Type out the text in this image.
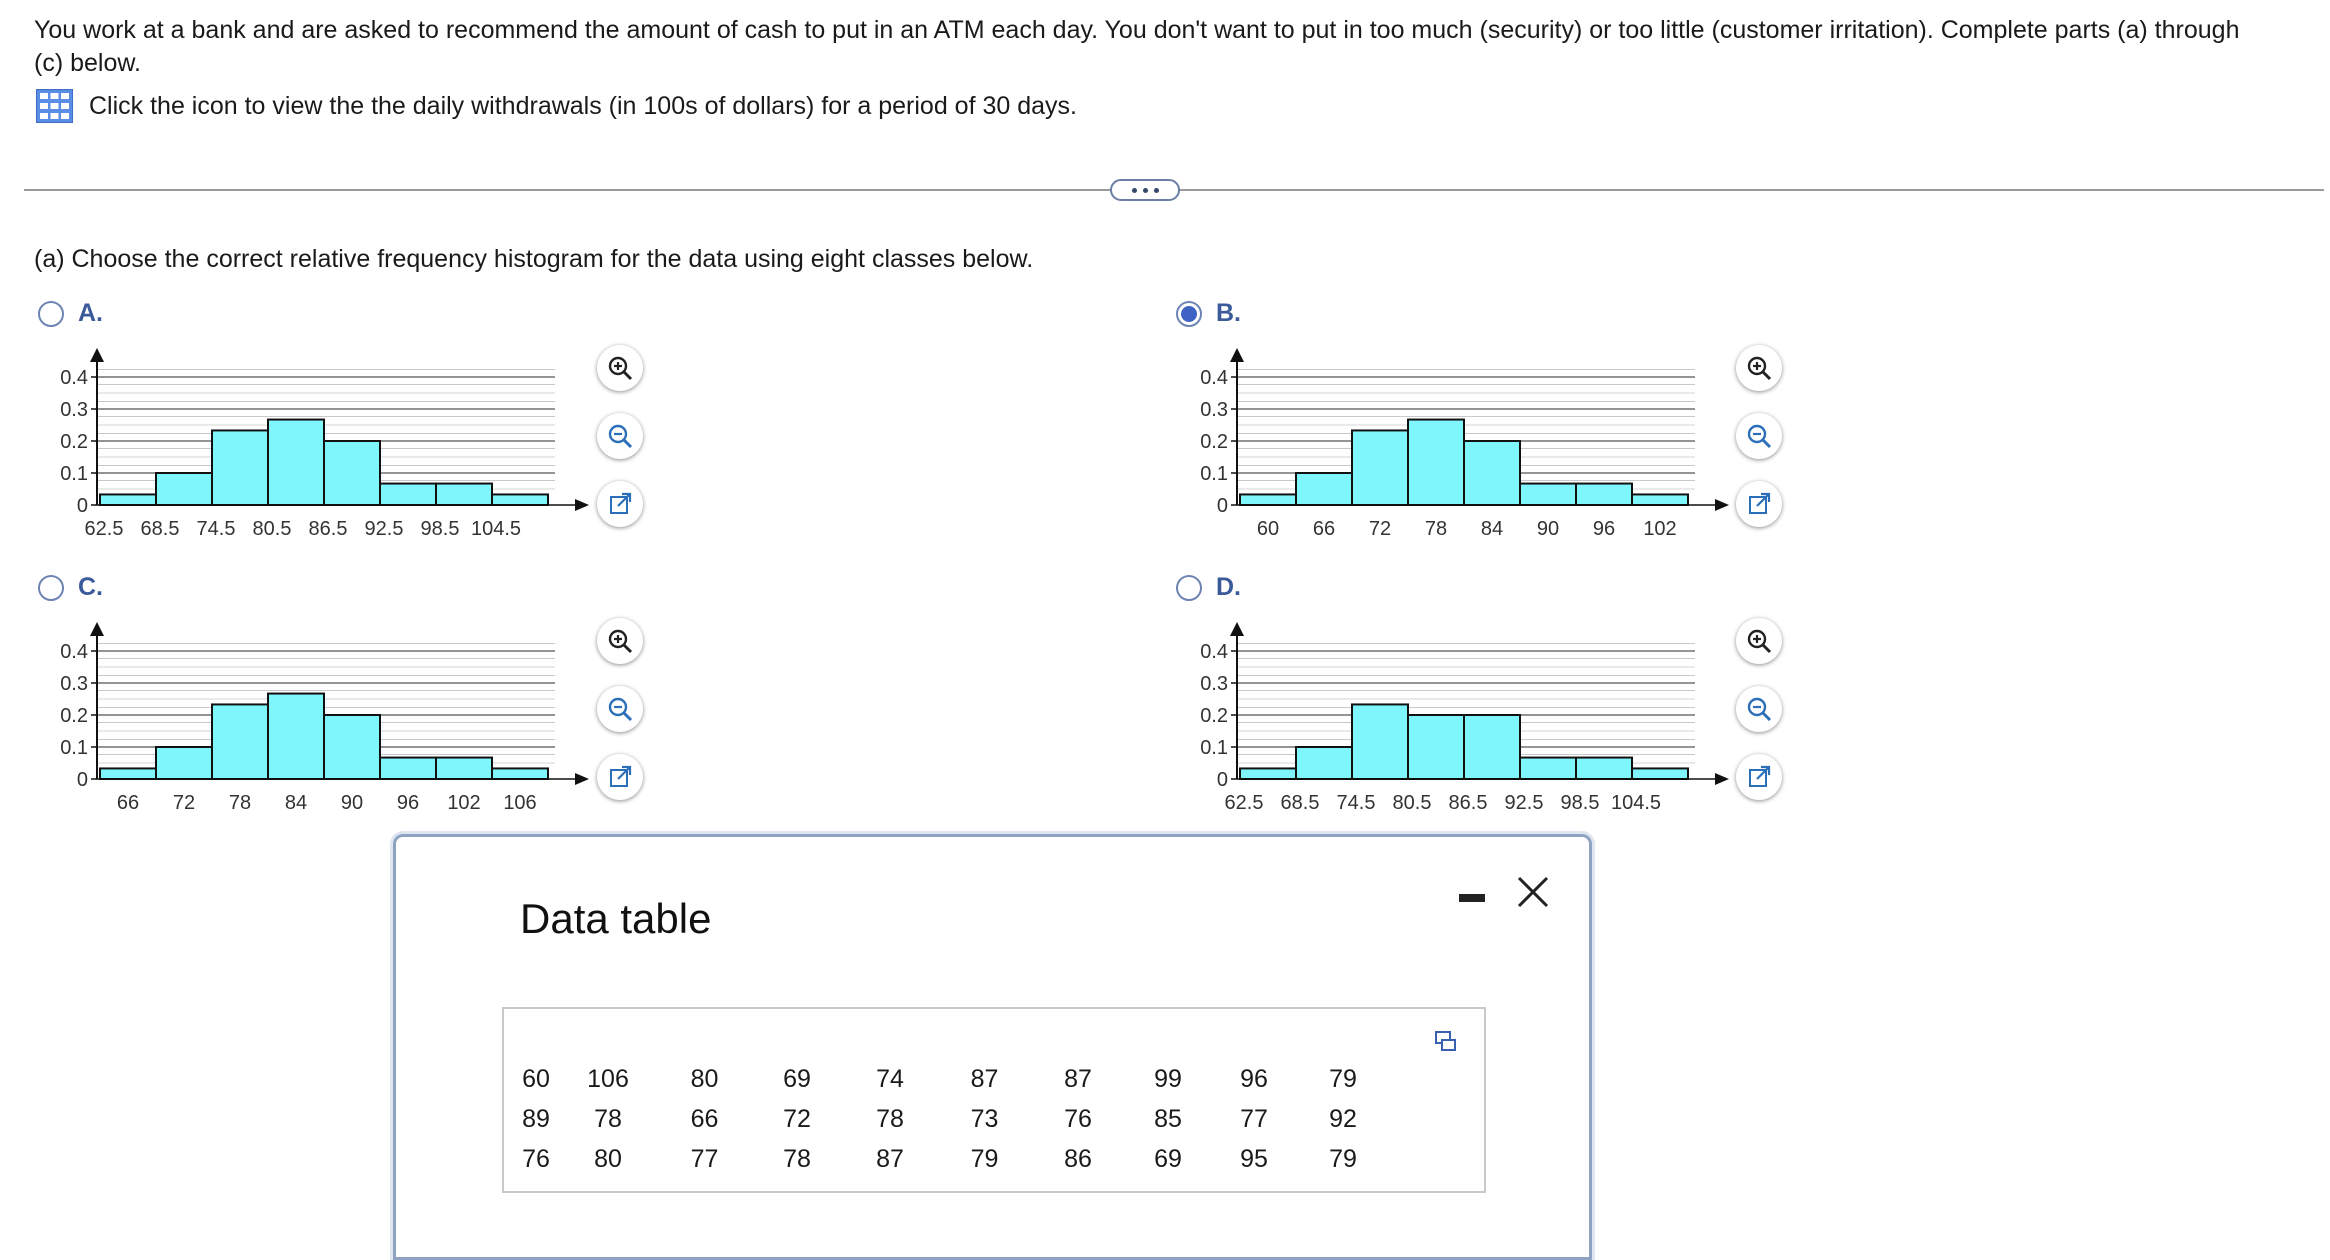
You work at a bank and are asked to recommend the amount of cash to put in an ATM each day. You don't want to put in too much (security) or too little (customer irritation). Complete parts (a) through (c) below.
Click the icon to view the the daily withdrawals (in 100s of dollars) for a period of 30 days.
(a) Choose the correct relative frequency histogram for the data using eight classes below.
A.	B.
C.	D.
0.4
0.3
0.2
0.1
0
62.5 68.5 74.5 80.5 86.5 92.5 98.5 104.5
0.4
0.3
0.2
0.1
0
60 66 72 78 84 90 96 102
0.4
0.3
0.2
0.1
0
66 72 78 84 90 96 102 106
0.4
0.3
0.2
0.1
0
62.5 68.5 74.5 80.5 86.5 92.5 98.5 104.5
Data table
60	106	80	69	74	87	87	99	96	79
89	78	66	72	78	73	76	85	77	92
76	80	77	78	87	79	86	69	95	79
